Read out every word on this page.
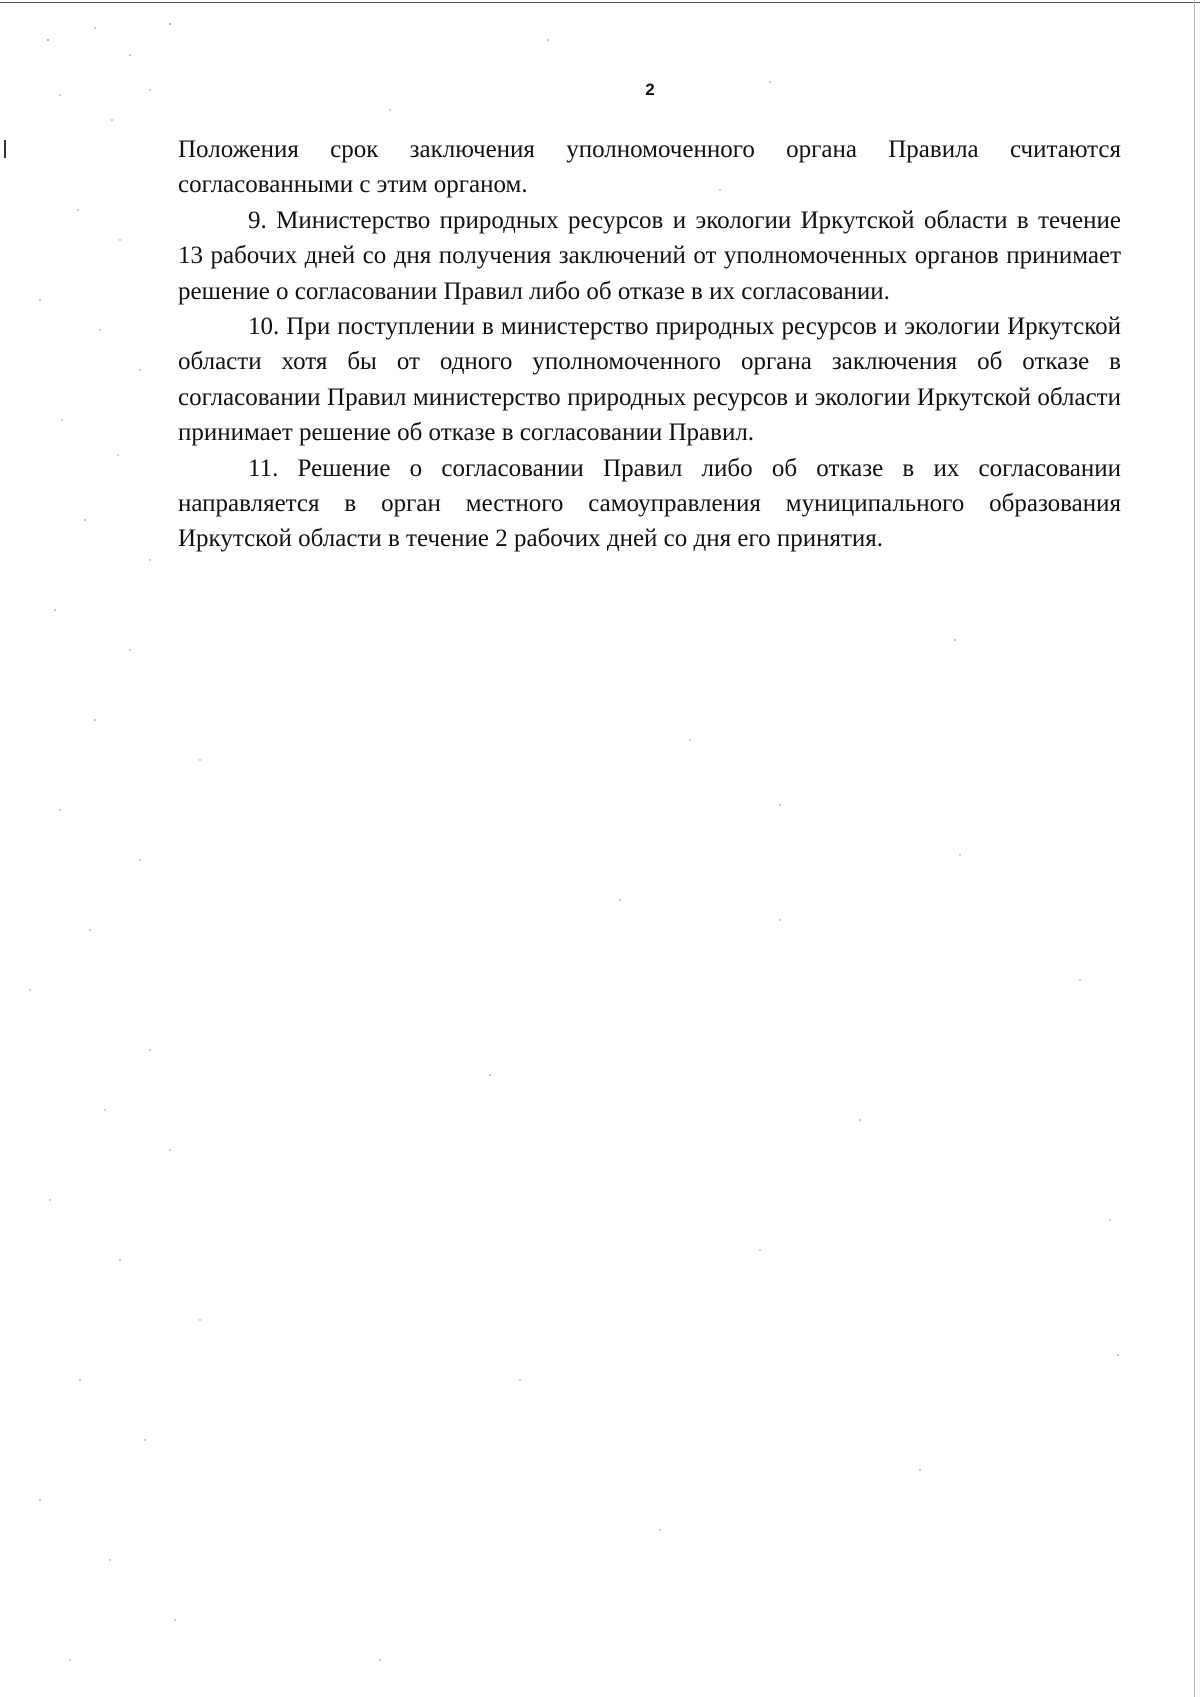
2

Положения срок заключения уполномоченного органа Правила считаются согласованными с этим органом.

9. Министерство природных ресурсов и экологии Иркутской области в течение 13 рабочих дней со дня получения заключений от уполномоченных органов принимает решение о согласовании Правил либо об отказе в их согласовании.

10. При поступлении в министерство природных ресурсов и экологии Иркутской области хотя бы от одного уполномоченного органа заключения об отказе в согласовании Правил министерство природных ресурсов и экологии Иркутской области принимает решение об отказе в согласовании Правил.

11. Решение о согласовании Правил либо об отказе в их согласовании направляется в орган местного самоуправления муниципального образования Иркутской области в течение 2 рабочих дней со дня его принятия.
